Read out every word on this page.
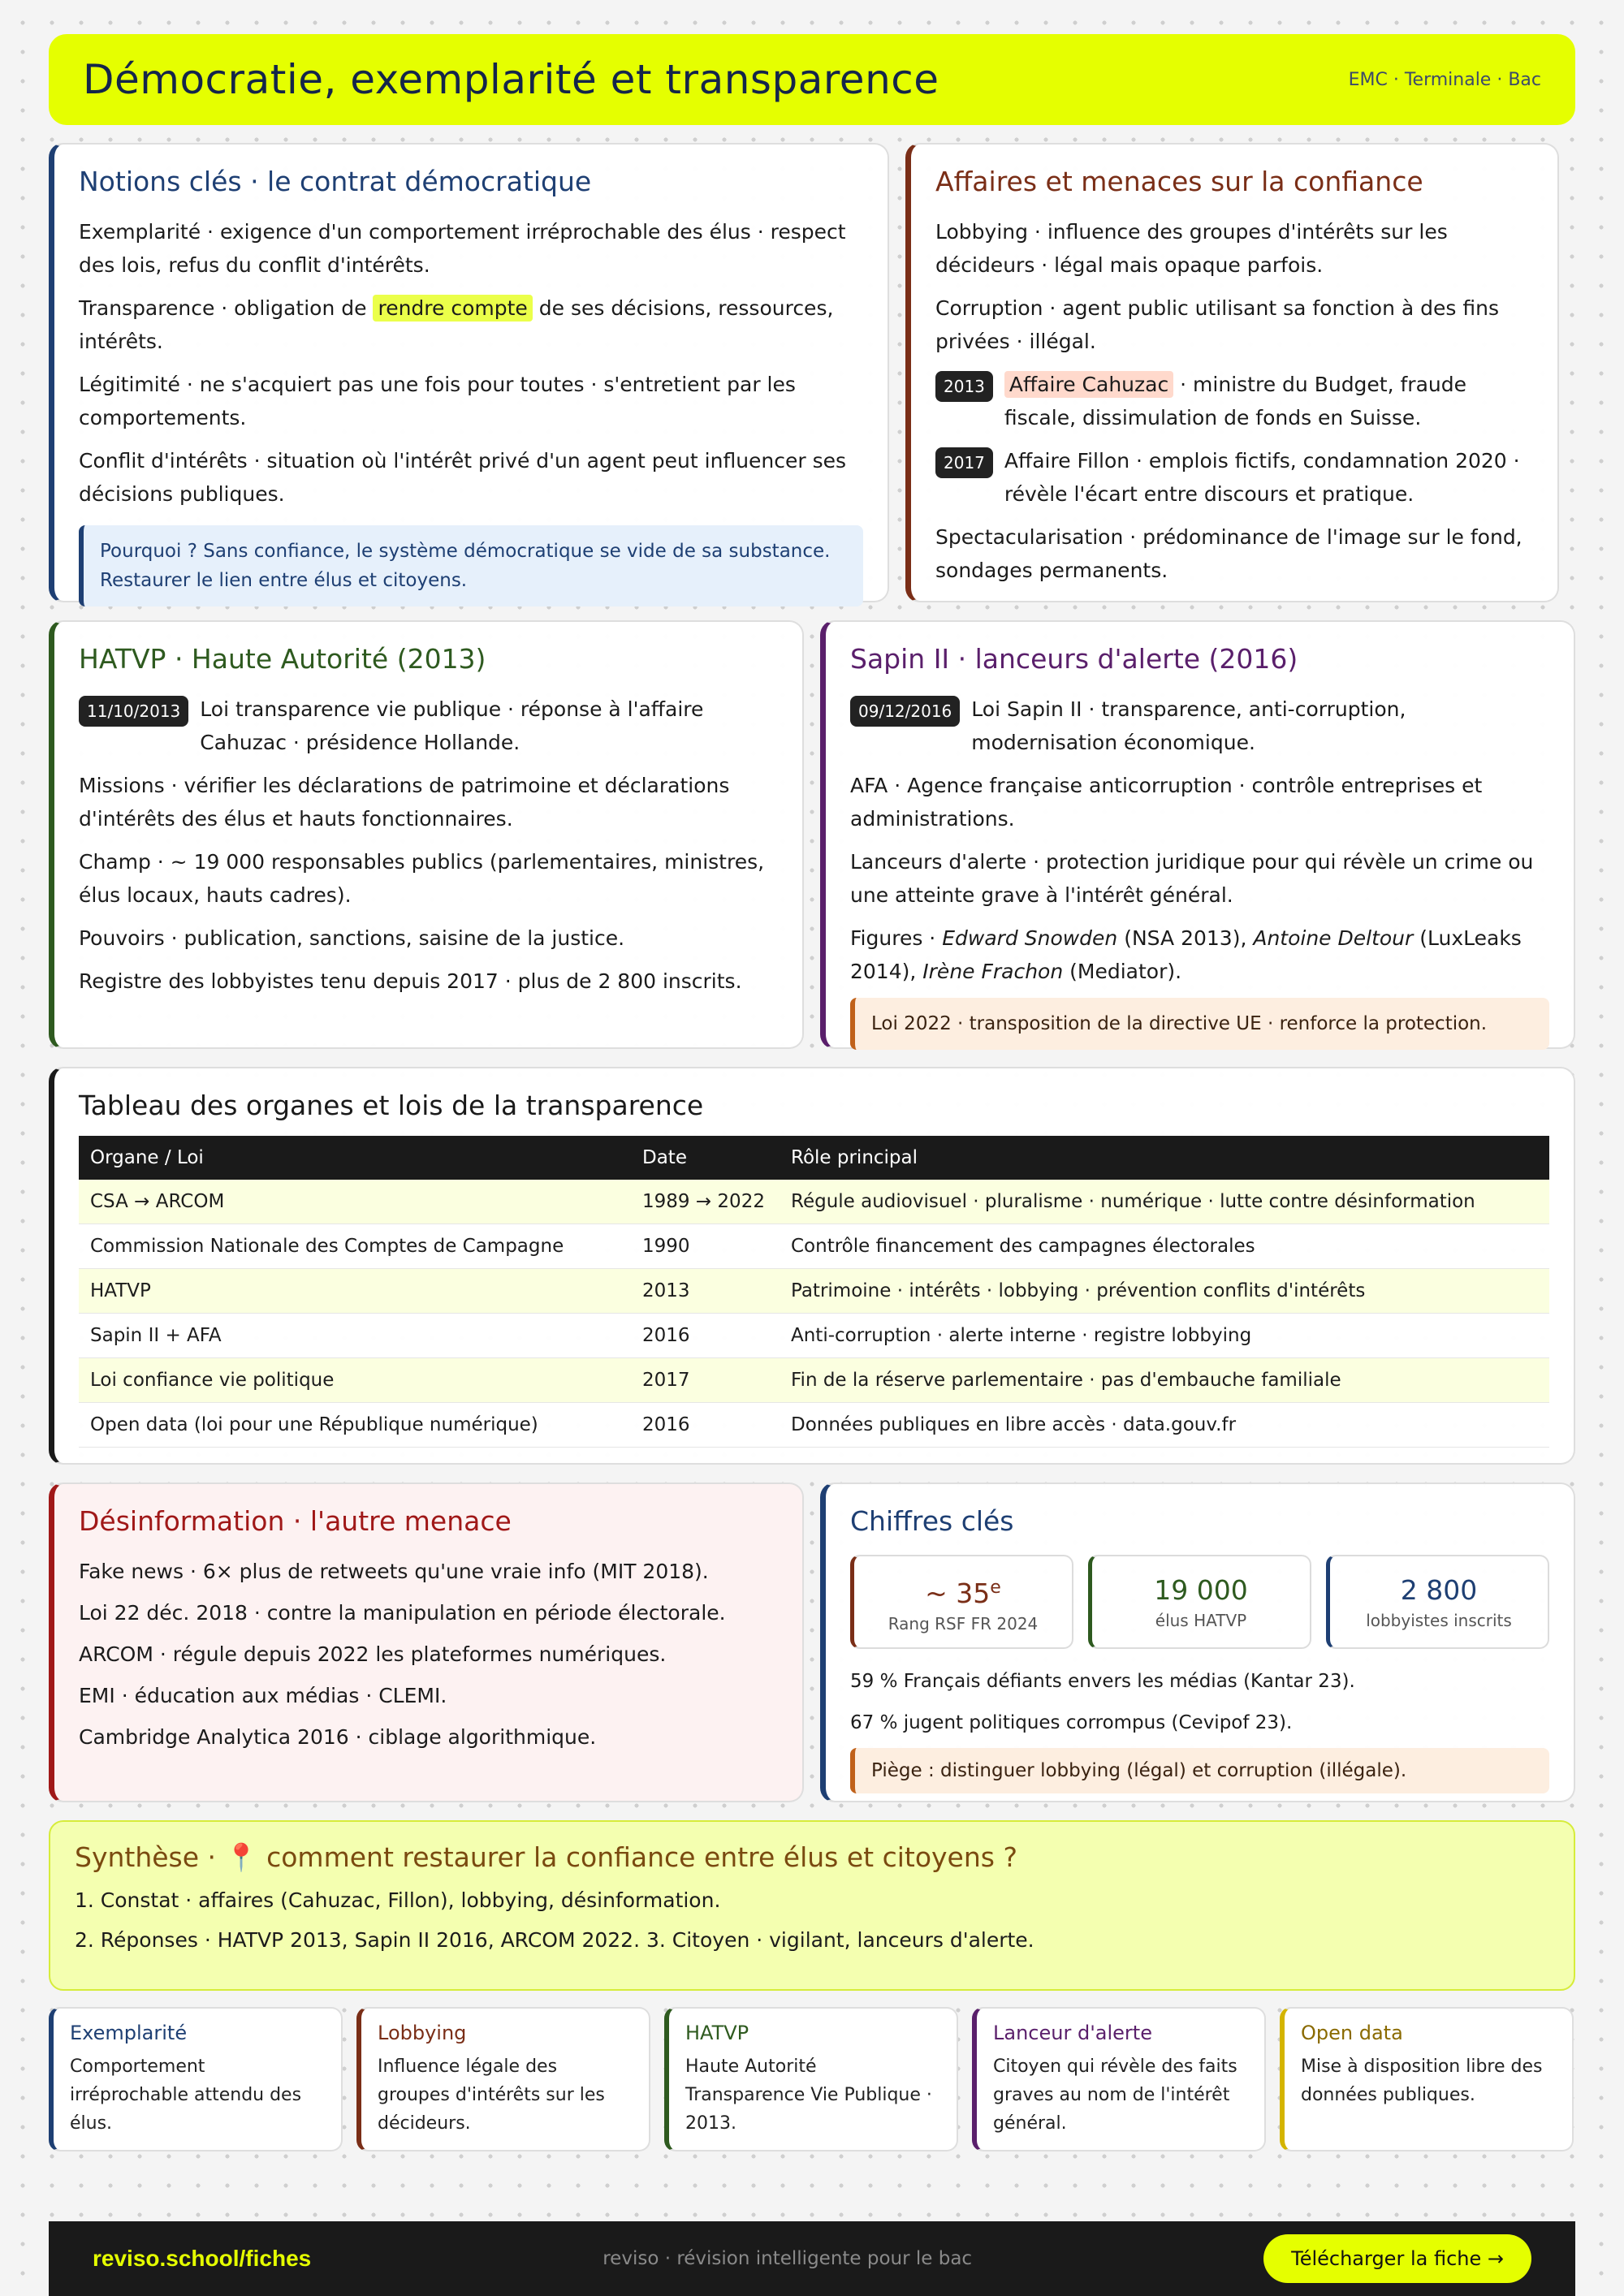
Démocratie, exemplarité et transparence	EMC · Terminale · Bac
Notions clés · le contrat démocratique
Exemplarité · exigence d'un comportement irréprochable des élus · respect des lois, refus du conflit d'intérêts.
Transparence · obligation de rendre compte de ses décisions, ressources, intérêts.
Légitimité · ne s'acquiert pas une fois pour toutes · s'entretient par les comportements.
Conflit d'intérêts · situation où l'intérêt privé d'un agent peut influencer ses décisions publiques.
Pourquoi ? Sans confiance, le système démocratique se vide de sa substance. Restaurer le lien entre élus et citoyens.
Affaires et menaces sur la confiance
Lobbying · influence des groupes d'intérêts sur les décideurs · légal mais opaque parfois.
Corruption · agent public utilisant sa fonction à des fins privées · illégal.
2013	Affaire Cahuzac · ministre du Budget, fraude fiscale, dissimulation de fonds en Suisse.
2017 Affaire Fillon · emplois fictifs, condamnation 2020 · révèle l'écart entre discours et pratique.
Spectacularisation · prédominance de l'image sur le fond, sondages permanents.
HATVP · Haute Autorité (2013)
11/10/2013 Loi transparence vie publique · réponse à l'affaire Cahuzac · présidence Hollande.
Missions · vérifier les déclarations de patrimoine et déclarations d'intérêts des élus et hauts fonctionnaires.
Champ · ~ 19 000 responsables publics (parlementaires, ministres, élus locaux, hauts cadres).
Pouvoirs · publication, sanctions, saisine de la justice.
Registre des lobbyistes tenu depuis 2017 · plus de 2 800 inscrits.
Sapin II · lanceurs d'alerte (2016)
09/12/2016 Loi Sapin II · transparence, anti-corruption, modernisation économique.
AFA · Agence française anticorruption · contrôle entreprises et administrations.
Lanceurs d'alerte · protection juridique pour qui révèle un crime ou une atteinte grave à l'intérêt général.
Figures · Edward Snowden (NSA 2013), Antoine Deltour (LuxLeaks 2014), Irène Frachon (Mediator).
Loi 2022 · transposition de la directive UE · renforce la protection.
Tableau des organes et lois de la transparence
Organe / Loi	Date	Rôle principal
CSA → ARCOM	1989 → 2022	Régule audiovisuel · pluralisme · numérique · lutte contre désinformation
Commission Nationale des Comptes de Campagne	1990	Contrôle financement des campagnes électorales
HATVP	2013	Patrimoine · intérêts · lobbying · prévention conflits d'intérêts
Sapin II + AFA	2016	Anti-corruption · alerte interne · registre lobbying
Loi confiance vie politique	2017	Fin de la réserve parlementaire · pas d'embauche familiale
Open data (loi pour une République numérique)	2016	Données publiques en libre accès · data.gouv.fr
Désinformation · l'autre menace
Fake news · 6× plus de retweets qu'une vraie info (MIT 2018).
Loi 22 déc. 2018 · contre la manipulation en période électorale.
ARCOM · régule depuis 2022 les plateformes numériques.
EMI · éducation aux médias · CLEMI.
Cambridge Analytica 2016 · ciblage algorithmique.
Chiffres clés
~ 35e
Rang RSF FR 2024
19 000
élus HATVP
2 800
lobbyistes inscrits
59 % Français défiants envers les médias (Kantar 23).
67 % jugent politiques corrompus (Cevipof 23).
Piège : distinguer lobbying (légal) et corruption (illégale).
Synthèse · 📍 comment restaurer la confiance entre élus et citoyens ?
1. Constat · affaires (Cahuzac, Fillon), lobbying, désinformation.
2. Réponses · HATVP 2013, Sapin II 2016, ARCOM 2022. 3. Citoyen · vigilant, lanceurs d'alerte.
Exemplarité
Comportement irréprochable attendu des élus.
Lobbying
Influence légale des groupes d'intérêts sur les décideurs.
HATVP
Haute Autorité Transparence Vie Publique · 2013.
Lanceur d'alerte
Citoyen qui révèle des faits graves au nom de l'intérêt général.
Open data
Mise à disposition libre des données publiques.
reviso.school/fiches	reviso · révision intelligente pour le bac	Télécharger la fiche →
